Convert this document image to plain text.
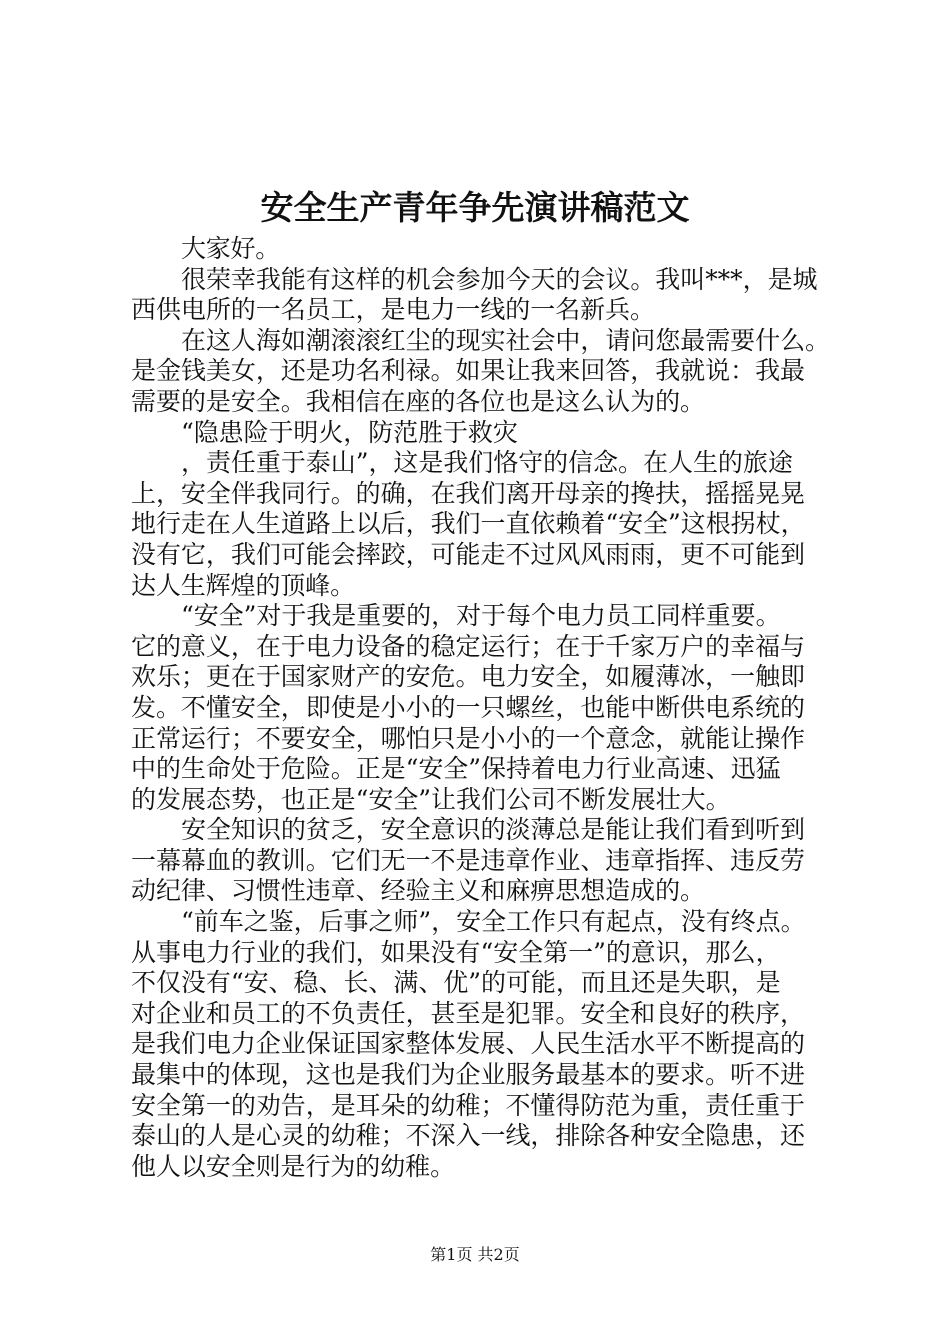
安全生产青年争先演讲稿范文
大家好。
很荣幸我能有这样的机会参加今天的会议。我叫***，是城
西供电所的一名员工，是电力一线的一名新兵。
在这人海如潮滚滚红尘的现实社会中，请问您最需要什么。
是金钱美女，还是功名利禄。如果让我来回答，我就说：我最
需要的是安全。我相信在座的各位也是这么认为的。
“隐患险于明火，防范胜于救灾
，责任重于泰山”，这是我们恪守的信念。在人生的旅途
上，安全伴我同行。的确，在我们离开母亲的搀扶，摇摇晃晃
地行走在人生道路上以后，我们一直依赖着“安全”这根拐杖，
没有它，我们可能会摔跤，可能走不过风风雨雨，更不可能到
达人生辉煌的顶峰。
“安全”对于我是重要的，对于每个电力员工同样重要。
它的意义，在于电力设备的稳定运行；在于千家万户的幸福与
欢乐；更在于国家财产的安危。电力安全，如履薄冰，一触即
发。不懂安全，即使是小小的一只螺丝，也能中断供电系统的
正常运行；不要安全，哪怕只是小小的一个意念，就能让操作
中的生命处于危险。正是“安全”保持着电力行业高速、迅猛
的发展态势，也正是“安全”让我们公司不断发展壮大。
安全知识的贫乏，安全意识的淡薄总是能让我们看到听到
一幕幕血的教训。它们无一不是违章作业、违章指挥、违反劳
动纪律、习惯性违章、经验主义和麻痹思想造成的。
“前车之鉴，后事之师”，安全工作只有起点，没有终点。
从事电力行业的我们，如果没有“安全第一”的意识，那么，
不仅没有“安、稳、长、满、优”的可能，而且还是失职，是
对企业和员工的不负责任，甚至是犯罪。安全和良好的秩序，
是我们电力企业保证国家整体发展、人民生活水平不断提高的
最集中的体现，这也是我们为企业服务最基本的要求。听不进
安全第一的劝告，是耳朵的幼稚；不懂得防范为重，责任重于
泰山的人是心灵的幼稚；不深入一线，排除各种安全隐患，还
他人以安全则是行为的幼稚。
第1页 共2页
